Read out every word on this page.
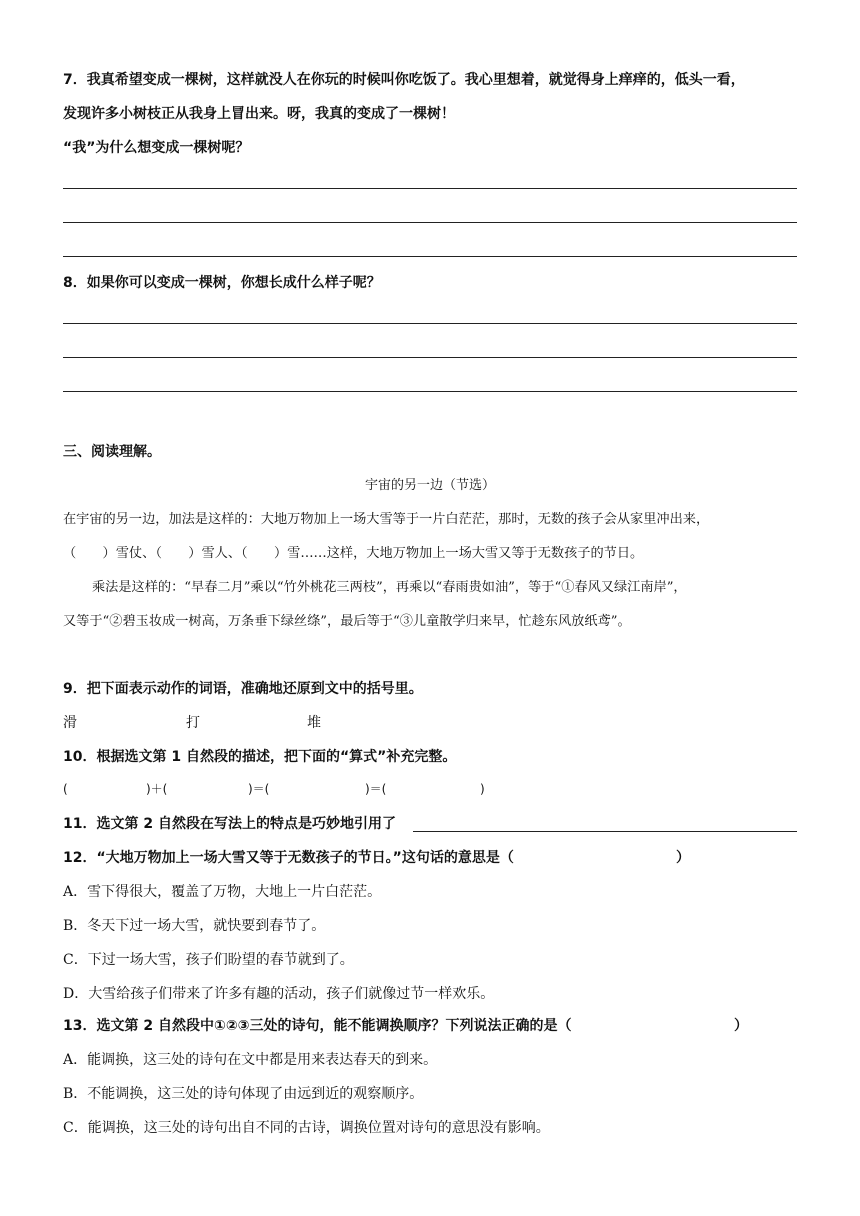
7．我真希望变成一棵树，这样就没人在你玩的时候叫你吃饭了。我心里想着，就觉得身上痒痒的，低头一看，
发现许多小树枝正从我身上冒出来。呀，我真的变成了一棵树！
“我”为什么想变成一棵树呢？
8．如果你可以变成一棵树，你想长成什么样子呢？
三、阅读理解。
宇宙的另一边（节选）
在宇宙的另一边，加法是这样的：大地万物加上一场大雪等于一片白茫茫，那时，无数的孩子会从家里冲出来，
（　　）雪仗、（　　）雪人、（　　）雪……这样，大地万物加上一场大雪又等于无数孩子的节日。
乘法是这样的：“早春二月”乘以“竹外桃花三两枝”，再乘以“春雨贵如油”，等于“①春风又绿江南岸”，
又等于“②碧玉妆成一树高，万条垂下绿丝绦”，最后等于“③儿童散学归来早，忙趁东风放纸鸢”。
9．把下面表示动作的词语，准确地还原到文中的括号里。
滑	打	堆
10．根据选文第 1 自然段的描述，把下面的“算式”补充完整。
(	)＋(	)＝(	)＝(	)
11．选文第 2 自然段在写法上的特点是巧妙地引用了
12．“大地万物加上一场大雪又等于无数孩子的节日。”这句话的意思是（	）
A．雪下得很大，覆盖了万物，大地上一片白茫茫。
B．冬天下过一场大雪，就快要到春节了。
C．下过一场大雪，孩子们盼望的春节就到了。
D．大雪给孩子们带来了许多有趣的活动，孩子们就像过节一样欢乐。
13．选文第 2 自然段中①②③三处的诗句，能不能调换顺序？下列说法正确的是（	）
A．能调换，这三处的诗句在文中都是用来表达春天的到来。
B．不能调换，这三处的诗句体现了由远到近的观察顺序。
C．能调换，这三处的诗句出自不同的古诗，调换位置对诗句的意思没有影响。
